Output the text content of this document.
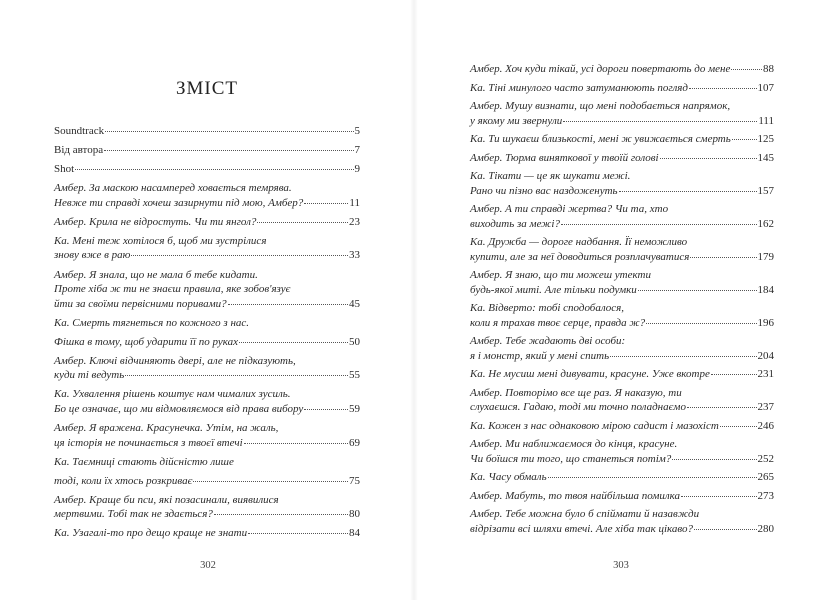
ЗМІСТ
Soundtrack	5
Від автора	7
Shot	9
Амбер. За маскою насамперед ховається темрява.
Невже ти справді хочеш зазирнути під мою, Амбер?	11
Амбер. Крила не відростуть. Чи ти янгол?	23
Ка. Мені теж хотілося б, щоб ми зустрілися
знову вже в раю	33
Амбер. Я знала, що не мала б тебе кидати.
Проте хіба ж ти не знаєш правила, яке зобов'язує
йти за своїми первісними поривами?	45
Ка. Смерть тягнеться по кожного з нас.
Фішка в тому, щоб ударити її по руках	50
Амбер. Ключі відчиняють двері, але не підказують,
куди ті ведуть	55
Ка. Ухвалення рішень коштує нам чималих зусиль.
Бо це означає, що ми відмовляємося від права вибору	59
Амбер. Я вражена. Красунечка. Утім, на жаль,
ця історія не починається з твоєї втечі	69
Ка. Таємниці стають дійсністю лише
тоді, коли їх хтось розкриває	75
Амбер. Краще би пси, які позасинали, виявилися
мертвими. Тобі так не здається?	80
Ка. Узагалі-то про дещо краще не знати	84
302
Амбер. Хоч куди тікай, усі дороги повертають до мене	88
Ка. Тіні минулого часто затуманюють погляд	107
Амбер. Мушу визнати, що мені подобається напрямок,
у якому ми звернули	111
Ка. Ти шукаєш близькості, мені ж увижається смерть 125
Амбер. Тюрма виняткової у твоїй голові	145
Ка. Тікати — це як шукати межі.
Рано чи пізно вас наздоженуть	157
Амбер. А ти справді жертва? Чи та, хто
виходить за межі?	162
Ка. Дружба — дороге надбання. Її неможливо
купити, але за неї доводиться розплачуватися	179
Амбер. Я знаю, що ти можеш утекти
будь-якої миті. Але тільки подумки	184
Ка. Відверто: тобі сподобалося,
коли я трахав твоє серце, правда ж?	196
Амбер. Тебе жадають дві особи:
я і монстр, який у мені спить	204
Ка. Не мусиш мені дивувати, красуне. Уже вкотре	231
Амбер. Повторімо все ще раз. Я наказую, ти
слухаєшся. Гадаю, тоді ми точно поладнаємо	237
Ка. Кожен з нас однаковою мірою садист і мазохіст	246
Амбер. Ми наближаємося до кінця, красуне.
Чи боїшся ти того, що станеться потім?	252
Ка. Часу обмаль	265
Амбер. Мабуть, то твоя найбільша помилка	273
Амбер. Тебе можна було б спіймати й назавжди
відрізати всі шляхи втечі. Але хіба так цікаво?	280
303
